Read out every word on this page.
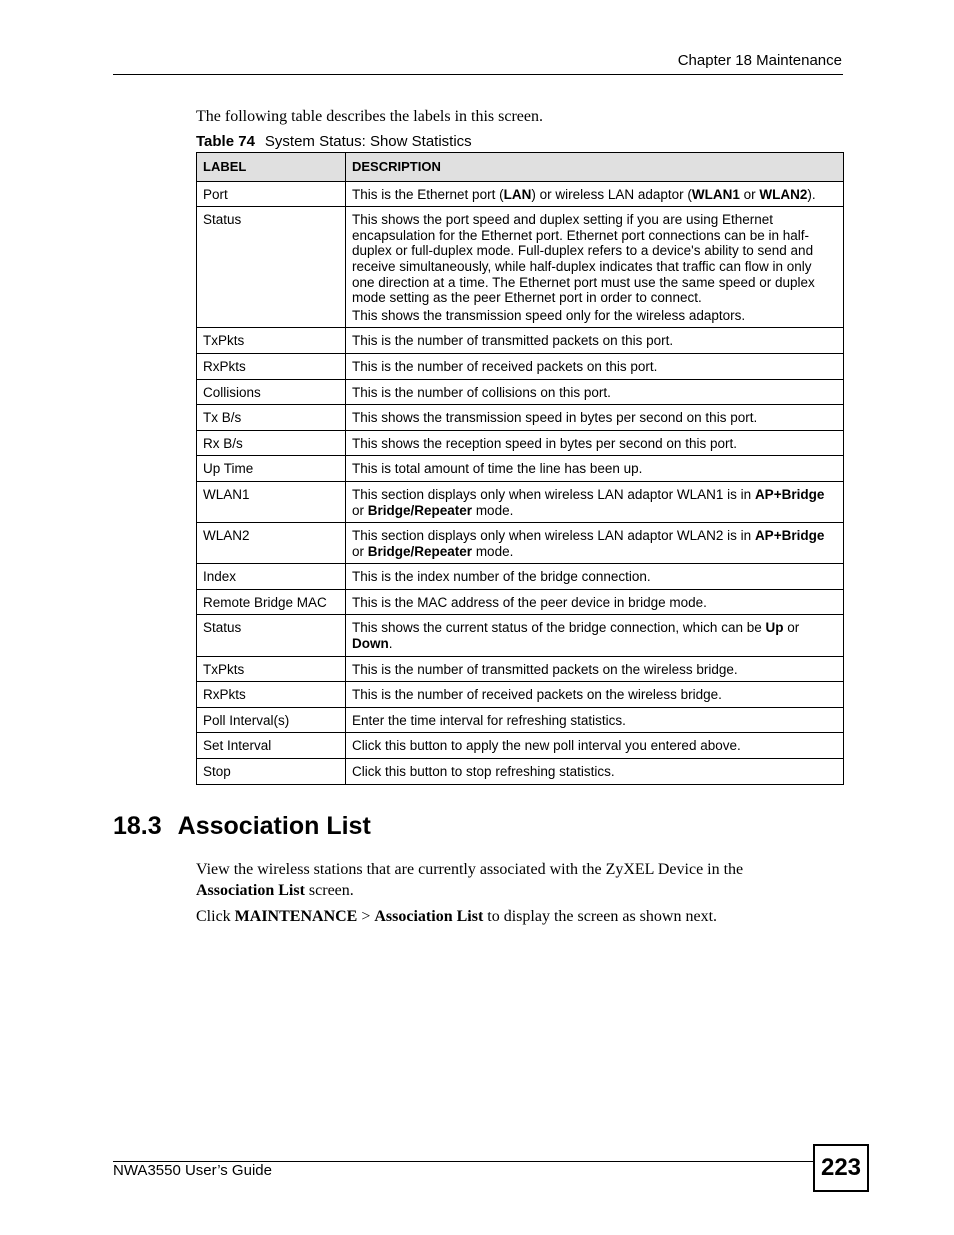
Chapter 18 Maintenance
The following table describes the labels in this screen.
Table 74 System Status: Show Statistics
LABEL	DESCRIPTION
Port	This is the Ethernet port (LAN) or wireless LAN adaptor (WLAN1 or WLAN2).

Status	This shows the port speed and duplex setting if you are using Ethernet encapsulation for the Ethernet port. Ethernet port connections can be in half-duplex or full-duplex mode. Full-duplex refers to a device's ability to send and receive simultaneously, while half-duplex indicates that traffic can flow in only one direction at a time. The Ethernet port must use the same speed or duplex mode setting as the peer Ethernet port in order to connect.

This shows the transmission speed only for the wireless adaptors.

TxPkts	This is the number of transmitted packets on this port.

RxPkts	This is the number of received packets on this port.

Collisions	This is the number of collisions on this port.

Tx B/s	This shows the transmission speed in bytes per second on this port.

Rx B/s	This shows the reception speed in bytes per second on this port.

Up Time	This is total amount of time the line has been up.

WLAN1	This section displays only when wireless LAN adaptor WLAN1 is in AP+Bridge or Bridge/Repeater mode.

WLAN2	This section displays only when wireless LAN adaptor WLAN2 is in AP+Bridge or Bridge/Repeater mode.

Index	This is the index number of the bridge connection.

Remote Bridge MAC	This is the MAC address of the peer device in bridge mode.

Status	This shows the current status of the bridge connection, which can be Up or Down.

TxPkts	This is the number of transmitted packets on the wireless bridge.

RxPkts	This is the number of received packets on the wireless bridge.

Poll Interval(s)	Enter the time interval for refreshing statistics.

Set Interval	Click this button to apply the new poll interval you entered above.

Stop	Click this button to stop refreshing statistics.

18.3 Association List
View the wireless stations that are currently associated with the ZyXEL Device in the
Association List screen.
Click MAINTENANCE > Association List to display the screen as shown next.
NWA3550 User’s Guide	223
